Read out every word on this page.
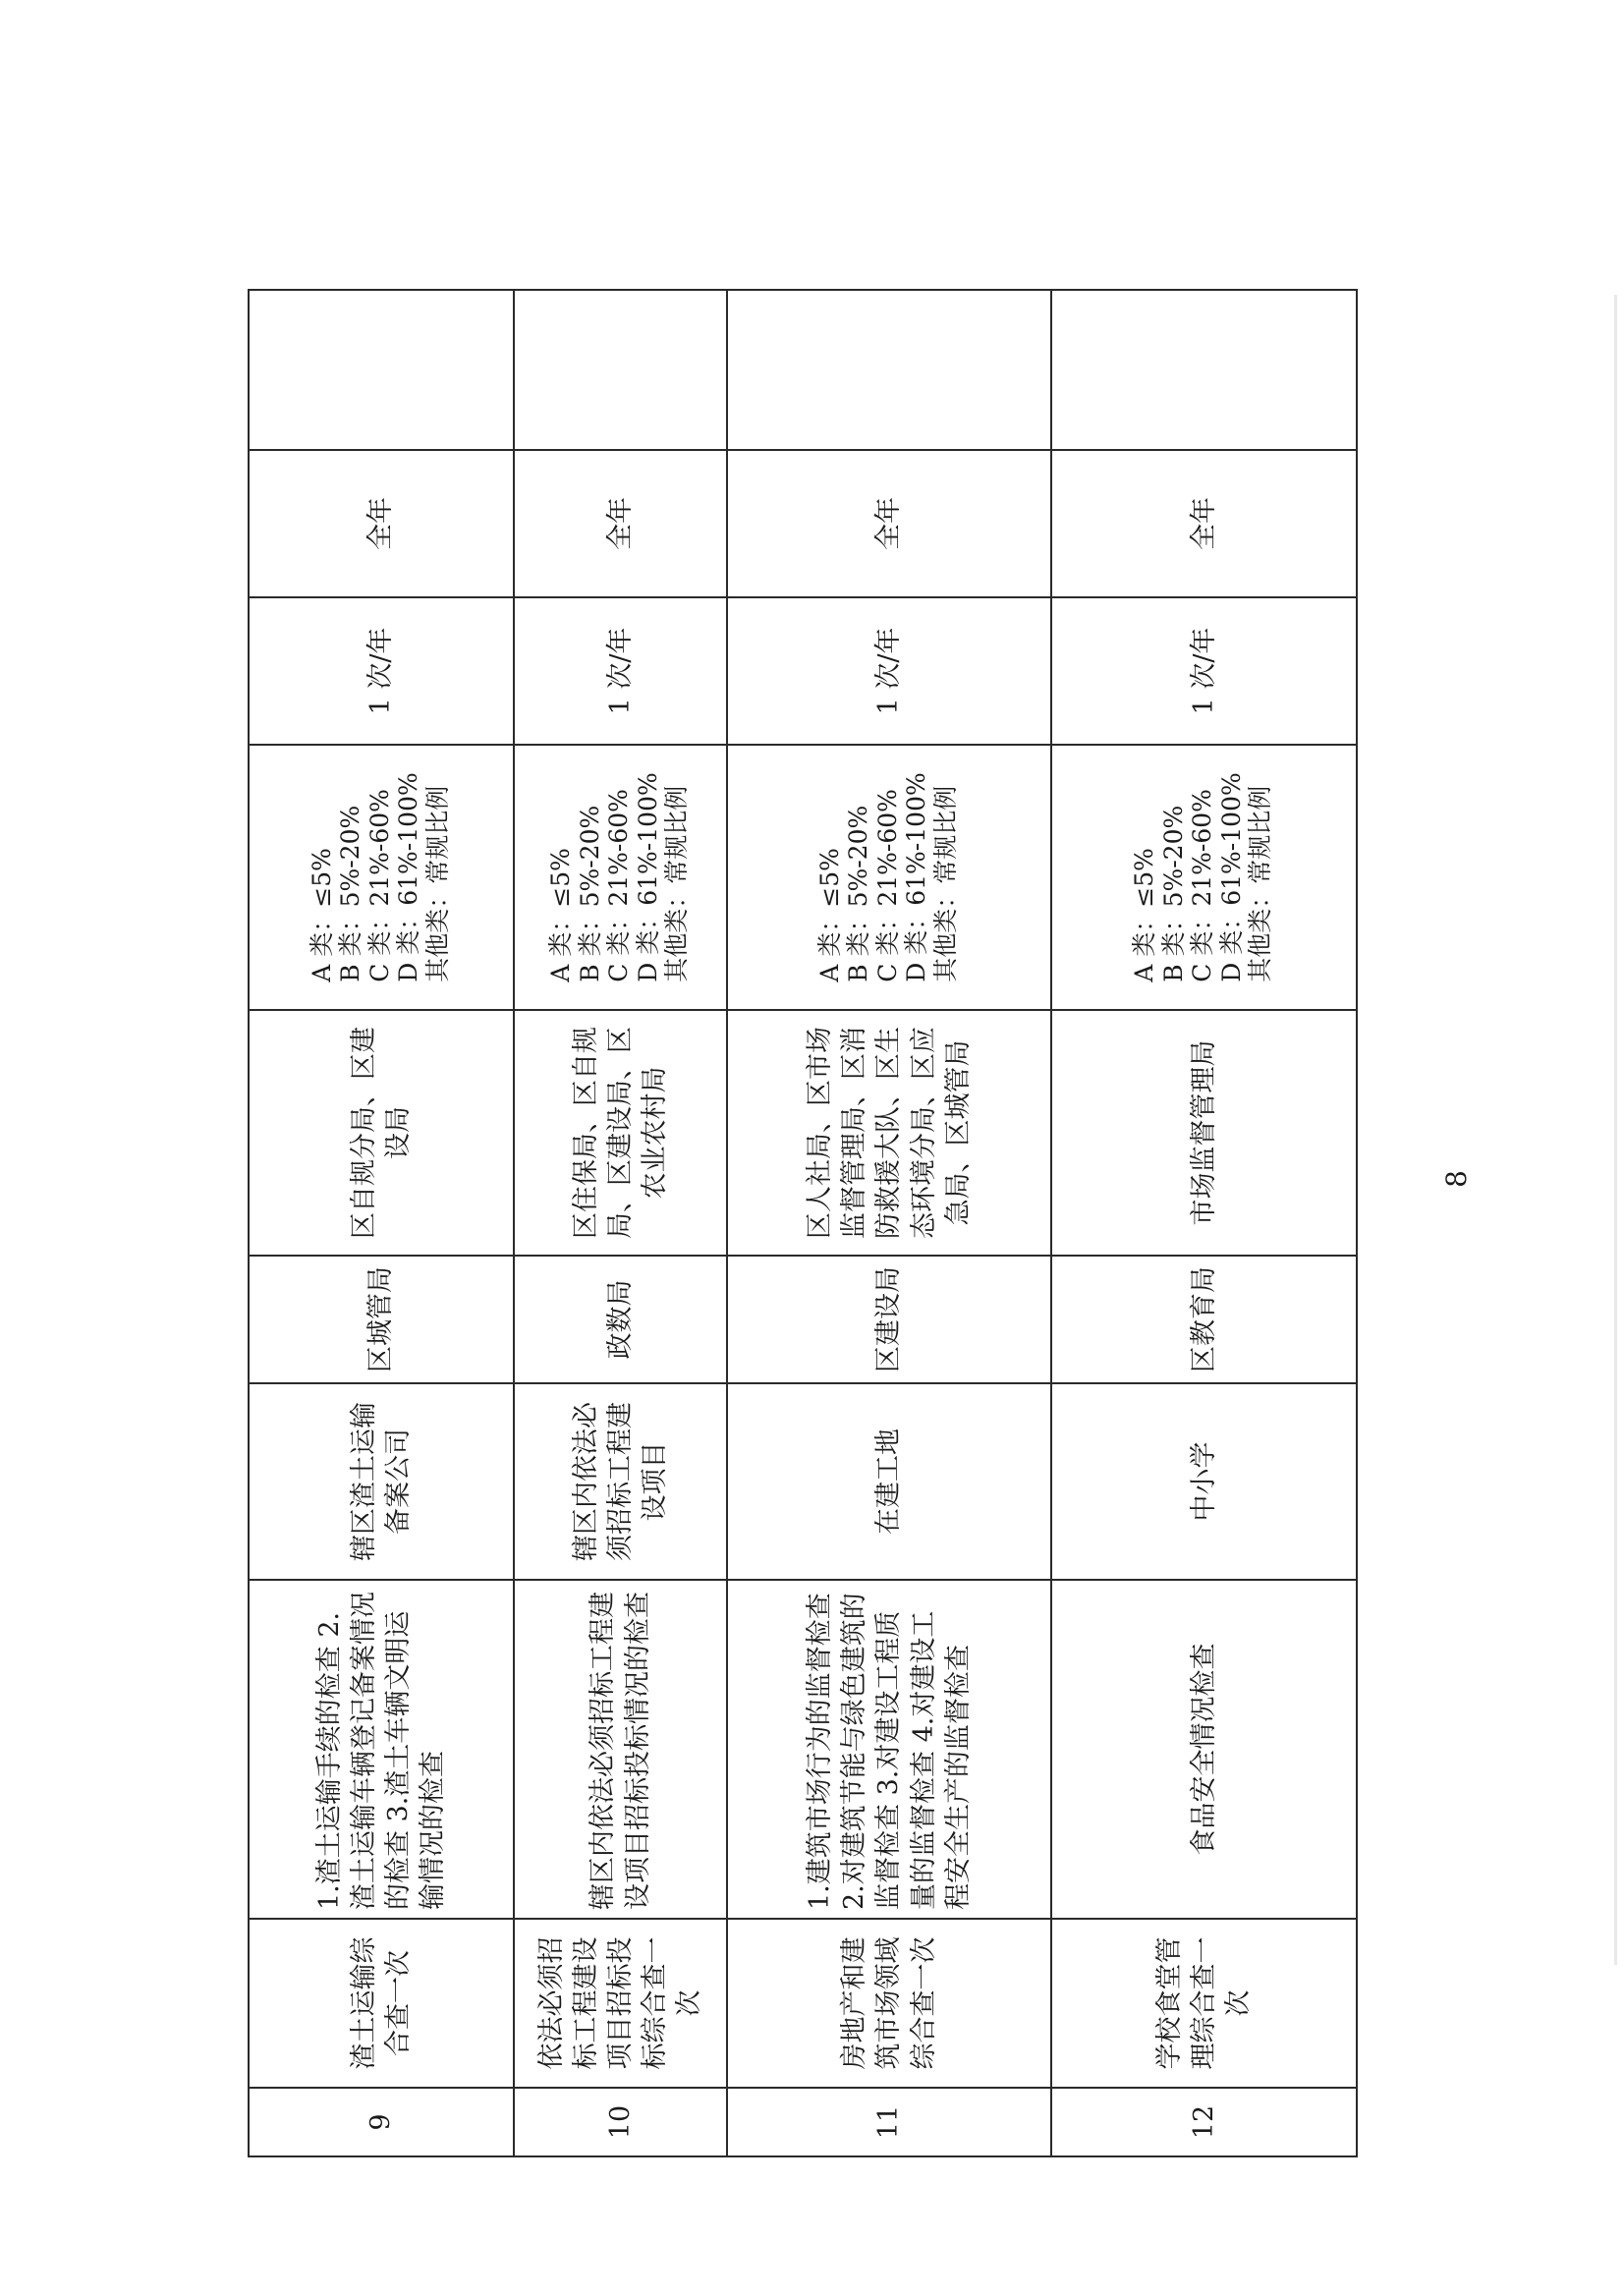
9	渣土运输综合查一次	1.渣土运输手续的检查 2.渣土运输车辆登记备案情况的检查 3.渣土车辆文明运输情况的检查	辖区渣土运输备案公司	区城管局	区自规分局、区建设局	A 类：≤5% B 类：5%-20% C 类：21%-60% D 类：61%-100% 其他类：常规比例	1 次/年	全年	
10	依法必须招标工程建设项目招标投标综合查一次	辖区内依法必须招标工程建设项目招标投标情况的检查	辖区内依法必须招标工程建设项目	政数局	区住保局、区自规局、区建设局、区农业农村局	A 类：≤5% B 类：5%-20% C 类：21%-60% D 类：61%-100% 其他类：常规比例	1 次/年	全年	
11	房地产和建筑市场领域综合查一次	1.建筑市场行为的监督检查 2.对建筑节能与绿色建筑的监督检查 3.对建设工程质量的监督检查 4.对建设工程安全生产的监督检查	在建工地	区建设局	区人社局、区市场监督管理局、区消防救援大队、区生态环境分局、区应急局、区城管局	A 类：≤5% B 类：5%-20% C 类：21%-60% D 类：61%-100% 其他类：常规比例	1 次/年	全年	
12	学校食堂管理综合查一次	食品安全情况检查	中小学	区教育局	市场监督管理局	A 类：≤5% B 类：5%-20% C 类：21%-60% D 类：61%-100% 其他类：常规比例	1 次/年	全年	
8
